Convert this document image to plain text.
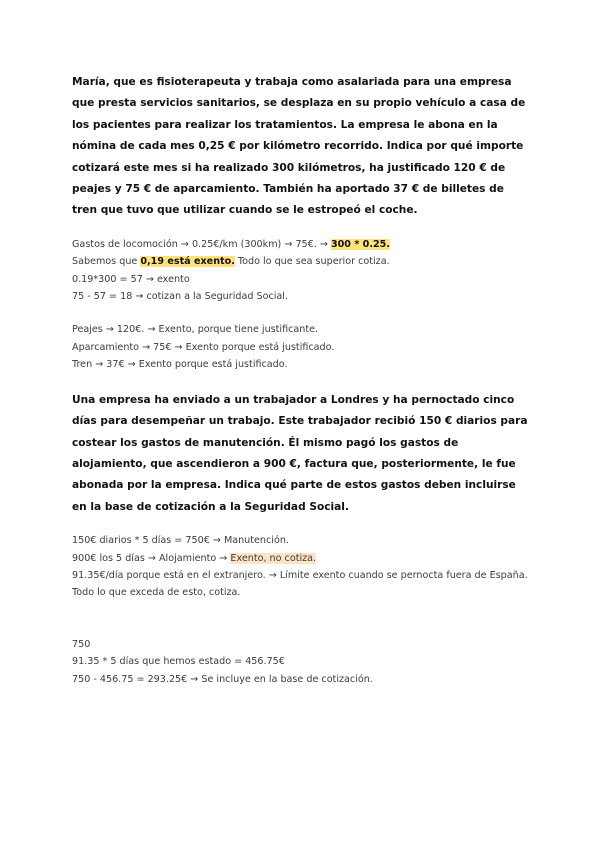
María, que es fisioterapeuta y trabaja como asalariada para una empresa que presta servicios sanitarios, se desplaza en su propio vehículo a casa de los pacientes para realizar los tratamientos. La empresa le abona en la nómina de cada mes 0,25 € por kilómetro recorrido. Indica por qué importe cotizará este mes si ha realizado 300 kilómetros, ha justificado 120 € de peajes y 75 € de aparcamiento. También ha aportado 37 € de billetes de tren que tuvo que utilizar cuando se le estropeó el coche.

Gastos de locomoción → 0.25€/km (300km) → 75€. → 300 * 0.25.

Sabemos que 0,19 está exento. Todo lo que sea superior cotiza.

0.19*300 = 57 → exento

75 - 57 = 18 → cotizan a la Seguridad Social.

Peajes → 120€. → Exento, porque tiene justificante.

Aparcamiento → 75€ → Exento porque está justificado.

Tren → 37€ → Exento porque está justificado.

Una empresa ha enviado a un trabajador a Londres y ha pernoctado cinco días para desempeñar un trabajo. Este trabajador recibió 150 € diarios para costear los gastos de manutención. Él mismo pagó los gastos de alojamiento, que ascendieron a 900 €, factura que, posteriormente, le fue abonada por la empresa. Indica qué parte de estos gastos deben incluirse en la base de cotización a la Seguridad Social.

150€ diarios * 5 días = 750€ → Manutención.

900€ los 5 días → Alojamiento → Exento, no cotiza.

91.35€/día porque está en el extranjero. → Límite exento cuando se pernocta fuera de España. Todo lo que exceda de esto, cotiza.

750

91.35 * 5 días que hemos estado = 456.75€

750 - 456.75 = 293.25€ → Se incluye en la base de cotización.
